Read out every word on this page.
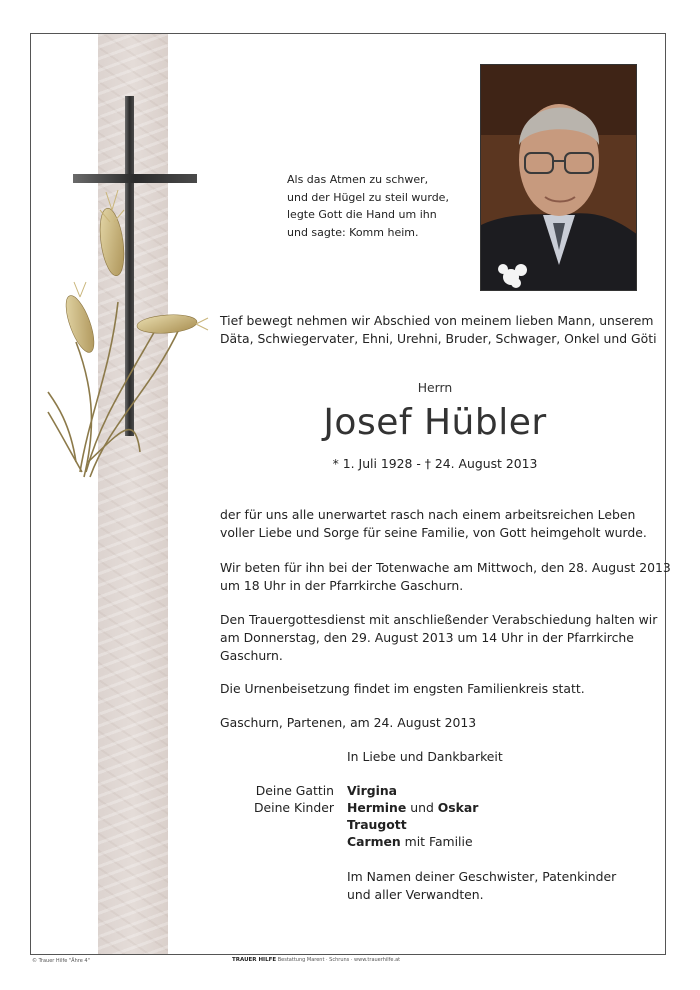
Als das Atmen zu schwer,
und der Hügel zu steil wurde,
legte Gott die Hand um ihn
und sagte: Komm heim.
Tief bewegt nehmen wir Abschied von meinem lieben Mann, unserem
Däta, Schwiegervater, Ehni, Urehni, Bruder, Schwager, Onkel und Göti
Herrn
Josef Hübler
* 1. Juli 1928 - † 24. August 2013
der für uns alle unerwartet rasch nach einem arbeitsreichen Leben
voller Liebe und Sorge für seine Familie, von Gott heimgeholt wurde.
Wir beten für ihn bei der Totenwache am Mittwoch, den 28. August 2013
um 18 Uhr in der Pfarrkirche Gaschurn.
Den Trauergottesdienst mit anschließender Verabschiedung halten wir
am Donnerstag, den 29. August 2013 um 14 Uhr in der Pfarrkirche
Gaschurn.
Die Urnenbeisetzung findet im engsten Familienkreis statt.
Gaschurn, Partenen, am 24. August 2013
In Liebe und Dankbarkeit
Deine Gattin
Deine Kinder
Virgina
Hermine und Oskar
Traugott
Carmen mit Familie
Im Namen deiner Geschwister, Patenkinder
und aller Verwandten.
© Trauer Hilfe "Ähre 4"	TRAUER HILFE Bestattung Marent · Schruns · www.trauerhilfe.at
